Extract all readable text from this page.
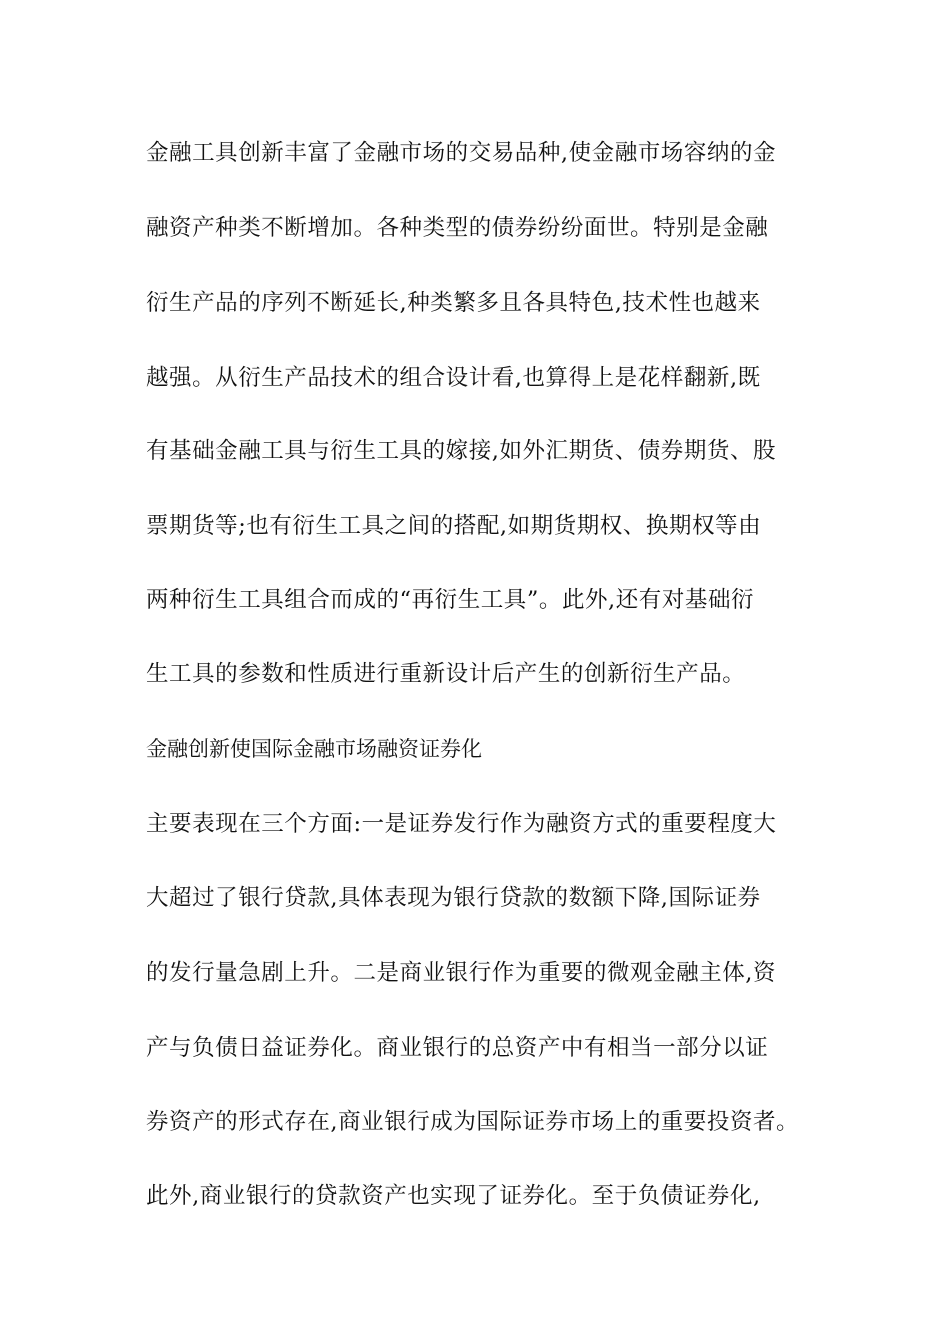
金融工具创新丰富了金融市场的交易品种,使金融市场容纳的金
融资产种类不断增加。各种类型的债券纷纷面世。特别是金融
衍生产品的序列不断延长,种类繁多且各具特色,技术性也越来
越强。从衍生产品技术的组合设计看,也算得上是花样翻新,既
有基础金融工具与衍生工具的嫁接,如外汇期货、债券期货、股
票期货等;也有衍生工具之间的搭配,如期货期权、换期权等由
两种衍生工具组合而成的“再衍生工具”。此外,还有对基础衍
生工具的参数和性质进行重新设计后产生的创新衍生产品。
金融创新使国际金融市场融资证券化
主要表现在三个方面:一是证券发行作为融资方式的重要程度大
大超过了银行贷款,具体表现为银行贷款的数额下降,国际证券
的发行量急剧上升。二是商业银行作为重要的微观金融主体,资
产与负债日益证券化。商业银行的总资产中有相当一部分以证
券资产的形式存在,商业银行成为国际证券市场上的重要投资者。
此外,商业银行的贷款资产也实现了证券化。至于负债证券化,
